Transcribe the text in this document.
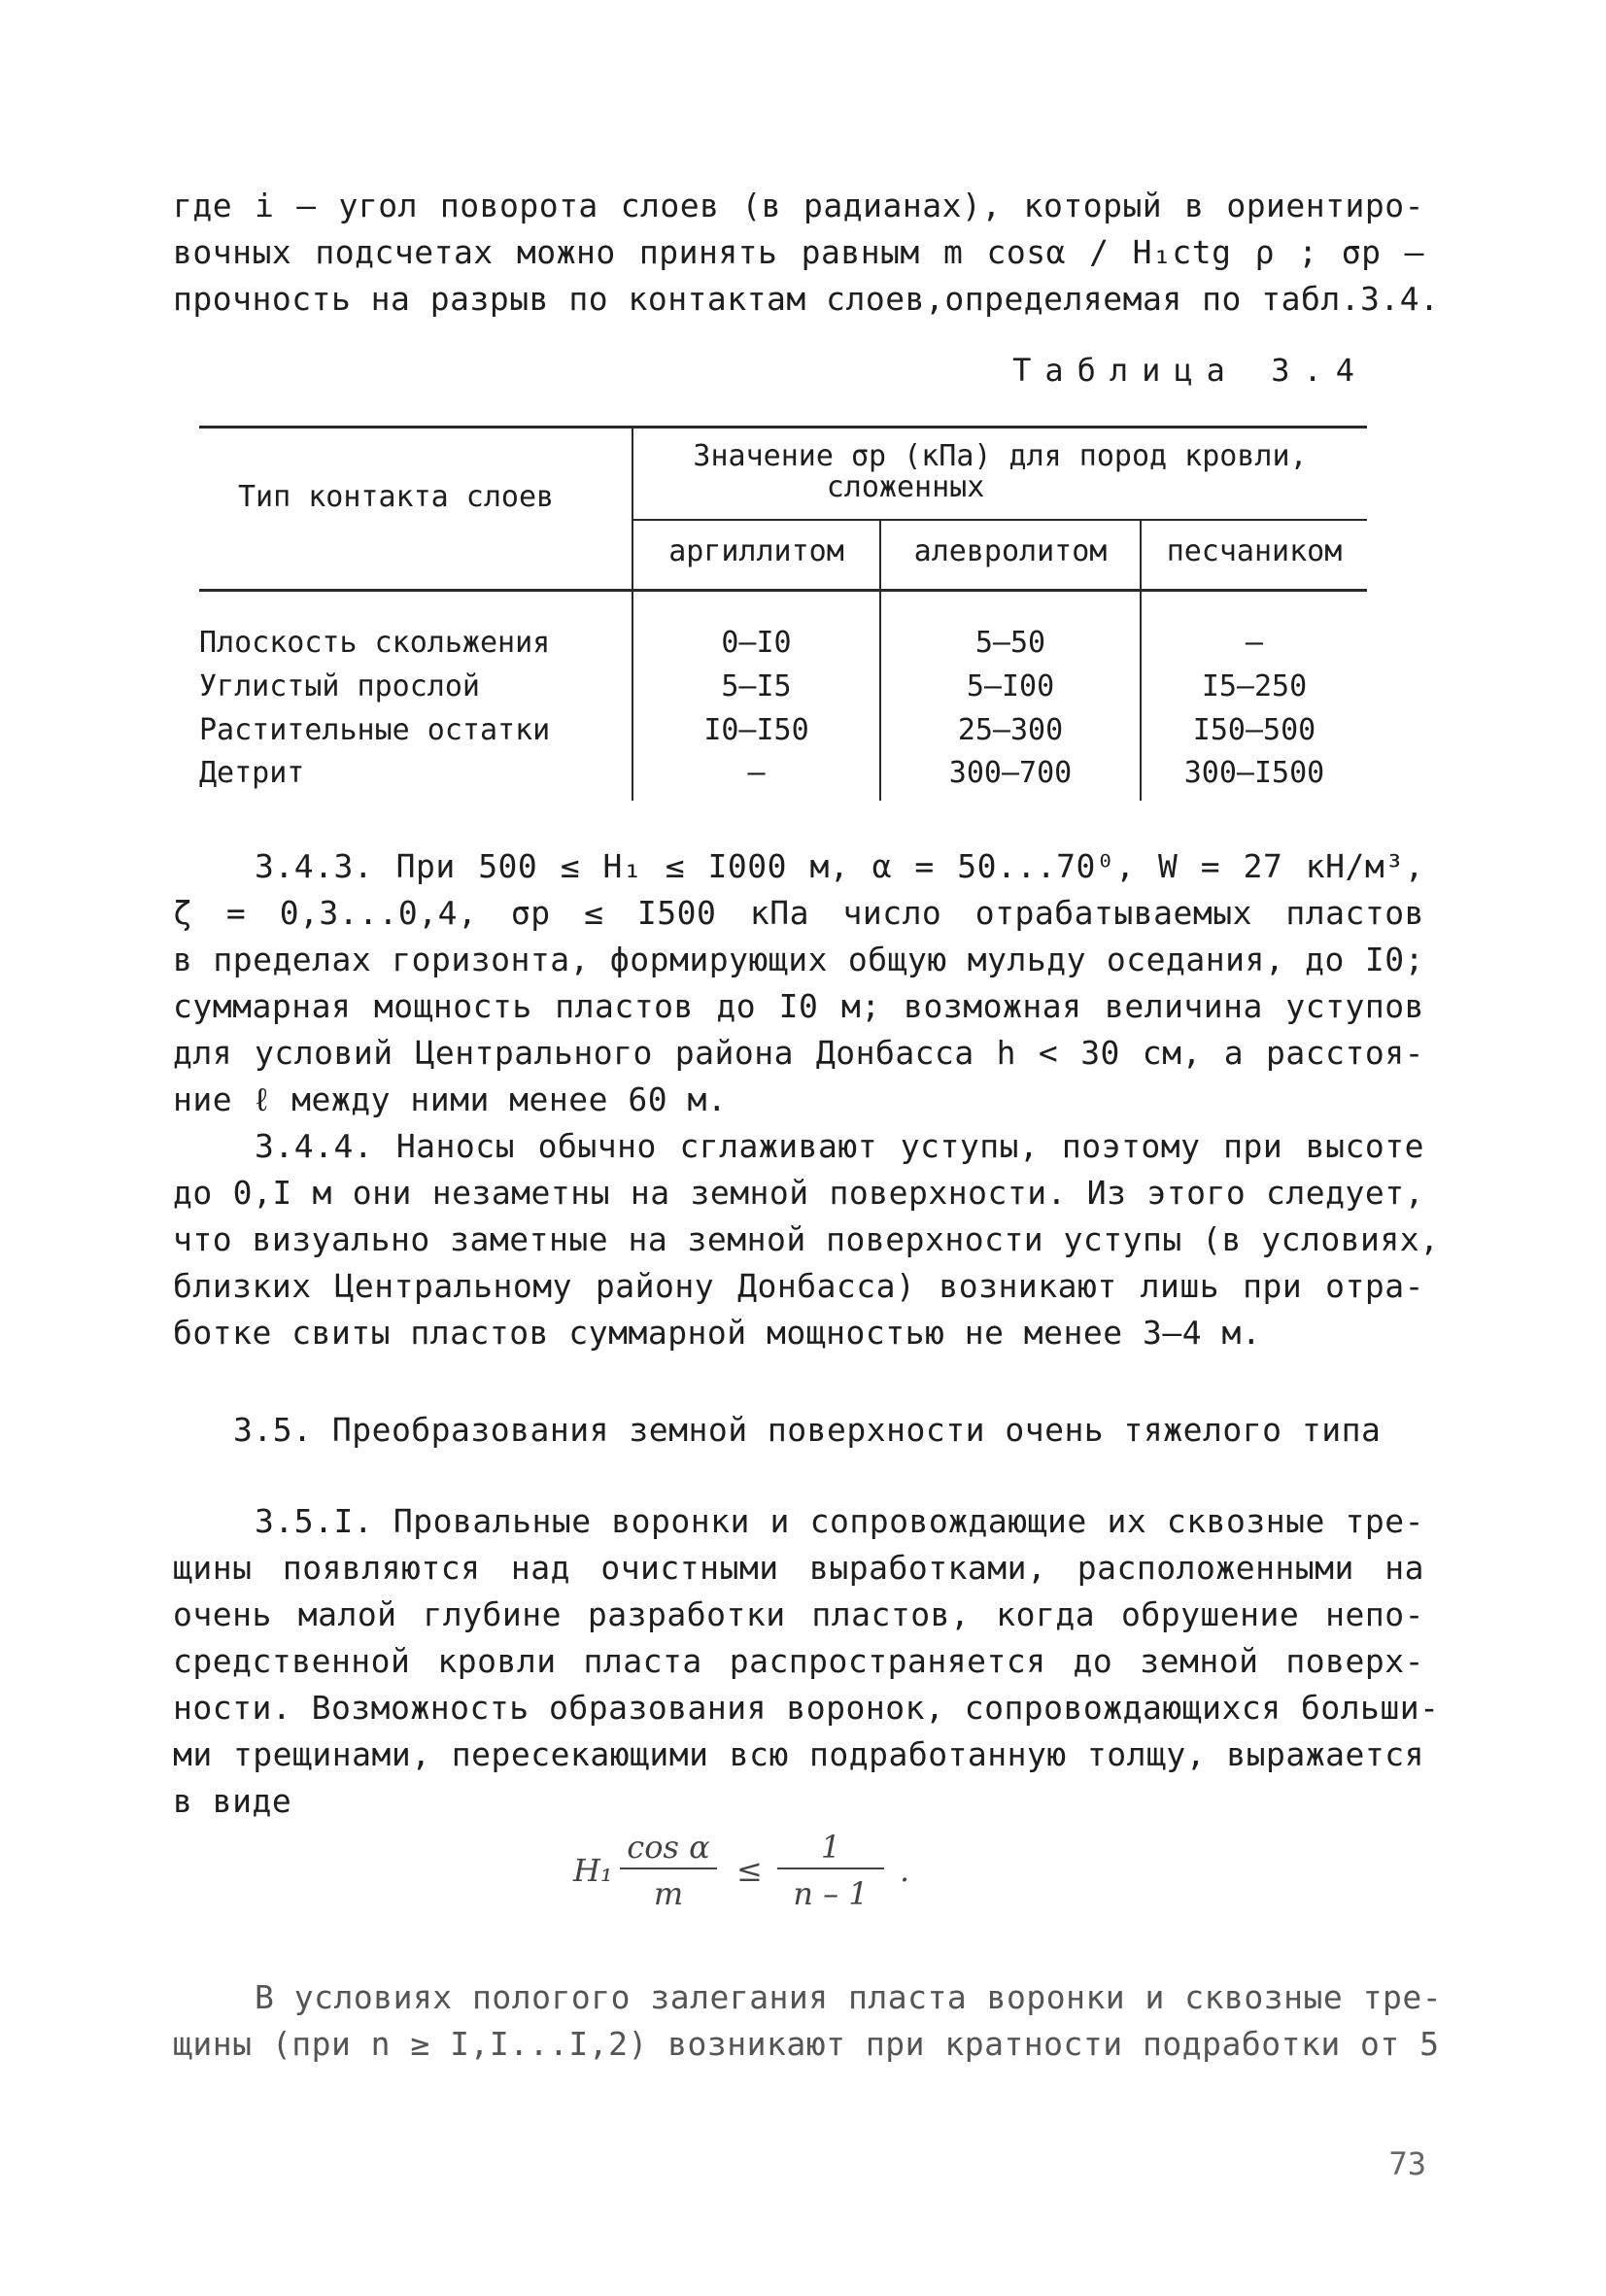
где i – угол поворота слоев (в радианах), который в ориентиро-
вочных подсчетах можно принять равным m cosα / H₁ctg ρ ; σp –
прочность на разрыв по контактам слоев,определяемая по табл.3.4.
Таблица 3.4
Тип контакта слоев
Значение σp (кПа) для пород кровли,
сложенных
аргиллитом	алевролитом	песчаником
Плоскость скольжения	0–I0	5–50	–
Углистый прослой	5–I5	5–I00	I5–250
Растительные остатки	I0–I50	25–300	I50–500
Детрит	–	300–700	300–I500
3.4.3. При 500 ≤ H₁ ≤ I000 м, α = 50...70⁰, W = 27 кН/м³,
ζ = 0,3...0,4, σp ≤ I500 кПа число отрабатываемых пластов
в пределах горизонта, формирующих общую мульду оседания, до I0;
суммарная мощность пластов до I0 м; возможная величина уступов
для условий Центрального района Донбасса h < 30 см, а расстоя-
ние ℓ между ними менее 60 м.
3.4.4. Наносы обычно сглаживают уступы, поэтому при высоте
до 0,I м они незаметны на земной поверхности. Из этого следует,
что визуально заметные на земной поверхности уступы (в условиях,
близких Центральному району Донбасса) возникают лишь при отра-
ботке свиты пластов суммарной мощностью не менее 3–4 м.
3.5. Преобразования земной поверхности очень тяжелого типа
3.5.I. Провальные воронки и сопровождающие их сквозные тре-
щины появляются над очистными выработками, расположенными на
очень малой глубине разработки пластов, когда обрушение непо-
средственной кровли пласта распространяется до земной поверх-
ности. Возможность образования воронок, сопровождающихся больши-
ми трещинами, пересекающими всю подработанную толщу, выражается
в виде
H₁
cos α
m
≤
1
n – 1
.
В условиях пологого залегания пласта воронки и сквозные тре-
щины (при n ≥ I,I...I,2) возникают при кратности подработки от 5
73
